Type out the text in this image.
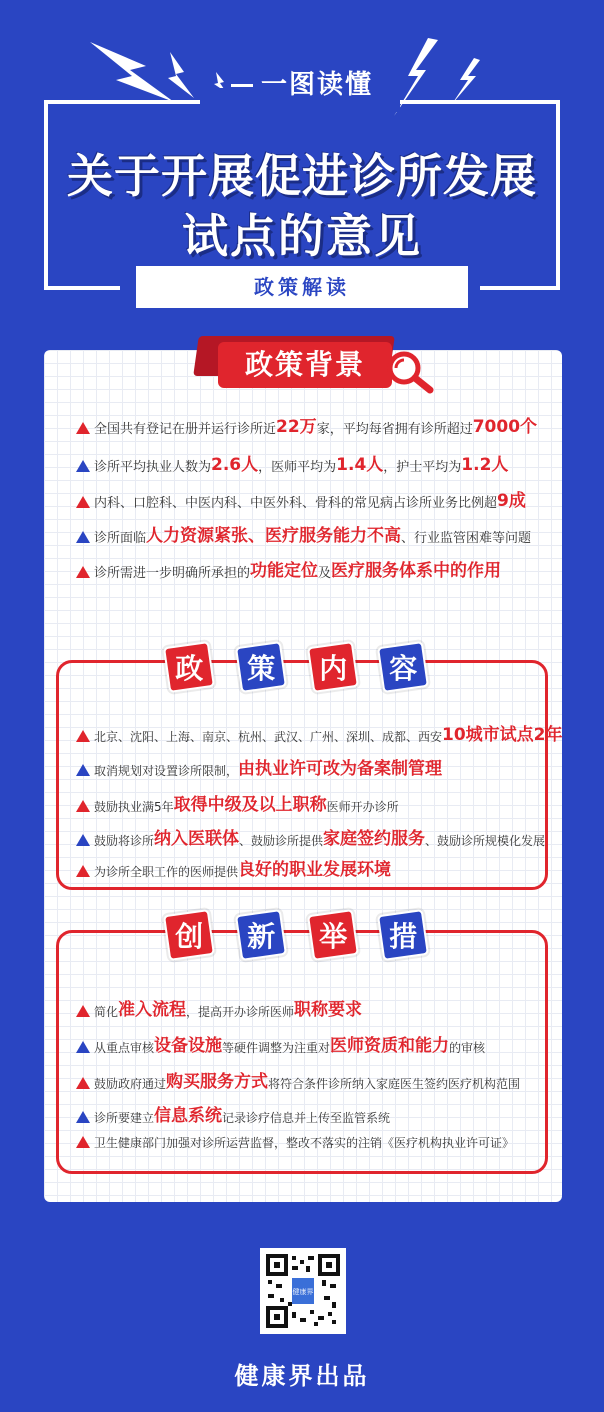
一图读懂
关于开展促进诊所发展
试点的意见
政策解读
政策背景
全国共有登记在册并运行诊所近 22万 家，平均每省拥有诊所超过 7000个
诊所平均执业人数为 2.6人 ，医师平均为 1.4人 ，护士平均为 1.2人
内科、口腔科、中医内科、中医外科、骨科的常见病占诊所业务比例超 9成
诊所面临 人力资源紧张、医疗服务能力不高 、行业监管困难等问题
诊所需进一步明确所承担的 功能定位 及 医疗服务体系中的作用
政	策	内	容
北京、沈阳、上海、南京、杭州、武汉、广州、深圳、成都、西安 10城市试点2年
取消规划对设置诊所限制， 由执业许可改为备案制管理
鼓励执业满5年 取得中级及以上职称 医师开办诊所
鼓励将诊所 纳入医联体 、鼓励诊所提供 家庭签约服务 、鼓励诊所规模化发展
为诊所全职工作的医师提供 良好的职业发展环境
创	新	举	措
简化 准入流程 ，提高开办诊所医师 职称要求
从重点审核 设备设施 等硬件调整为注重对 医师资质和能力 的审核
鼓励政府通过 购买服务方式 将符合条件诊所纳入家庭医生签约医疗机构范围
诊所要建立 信息系统 记录诊疗信息并上传至监管系统
卫生健康部门加强对诊所运营监督，整改不落实的注销《医疗机构执业许可证》
健康界
健康界出品
